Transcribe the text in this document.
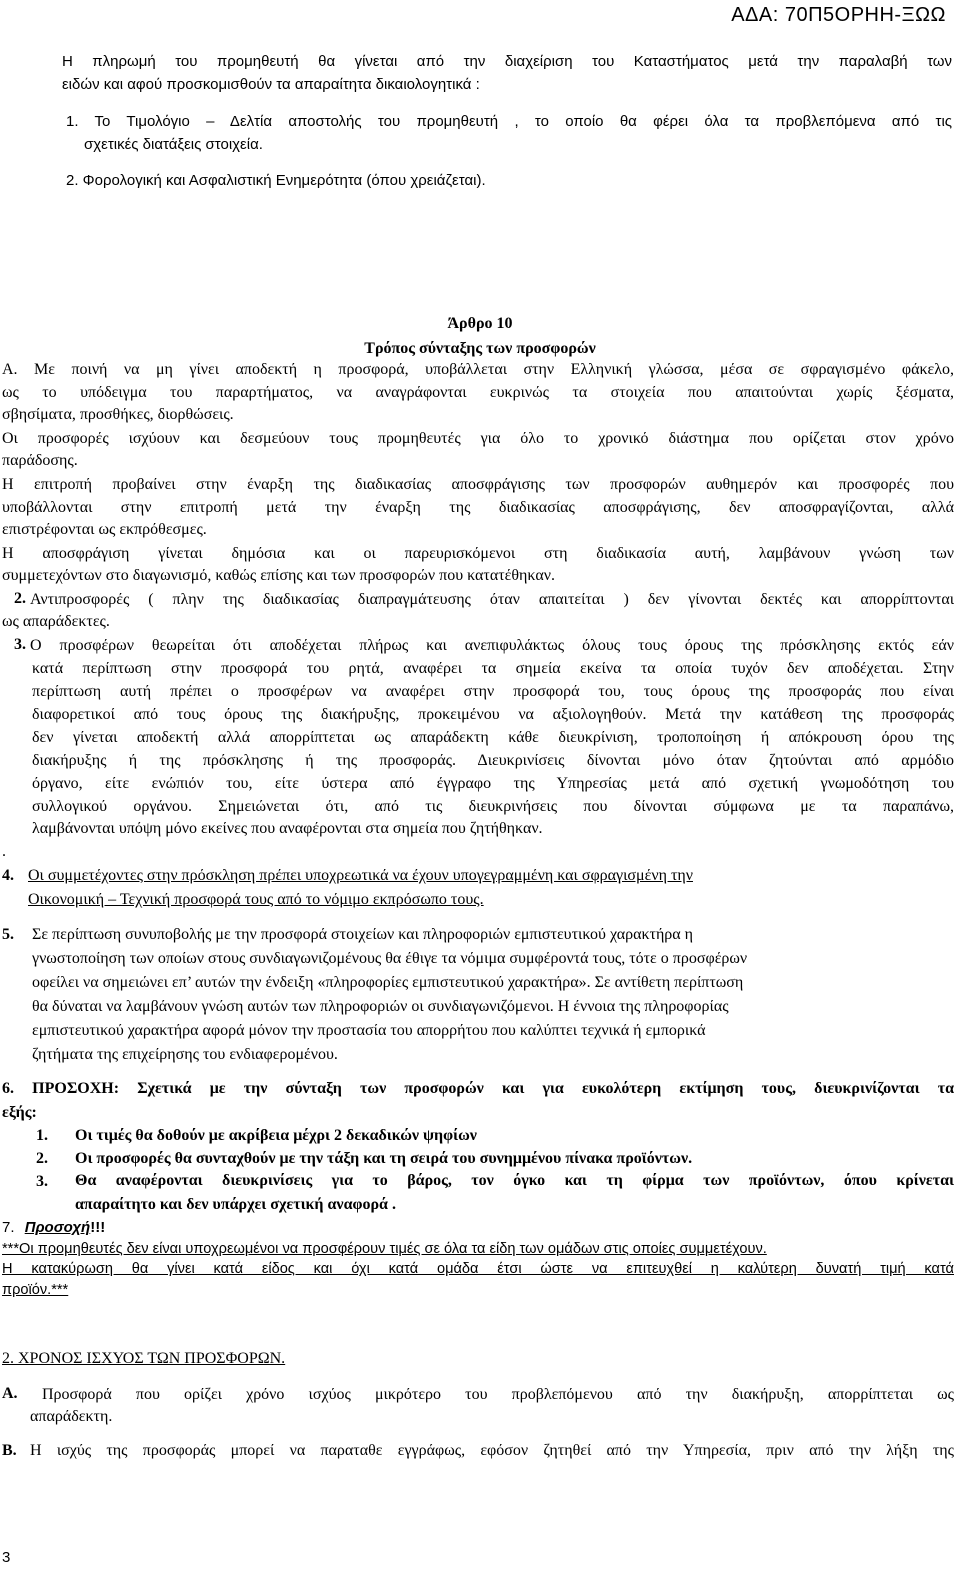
ΑΔΑ: 70Π5ΟΡΗΗ-ΞΩΩ
Η πληρωμή του προμηθευτή θα γίνεται από την διαχείριση του Καταστήματος μετά την παραλαβή των
ειδών και αφού προσκομισθούν τα απαραίτητα δικαιολογητικά :
1. Το Τιμολόγιο – Δελτία αποστολής του προμηθευτή , το οποίο θα φέρει όλα τα προβλεπόμενα από τις
σχετικές διατάξεις στοιχεία.
2. Φορολογική και Ασφαλιστική Ενημερότητα (όπου χρειάζεται).
Άρθρο 10
Τρόπος σύνταξης των προσφορών
Α. Με ποινή να μη γίνει αποδεκτή η προσφορά, υποβάλλεται στην Ελληνική γλώσσα, μέσα σε σφραγισμένο φάκελο,
ως το υπόδειγμα του παραρτήματος, να αναγράφονται ευκρινώς τα στοιχεία που απαιτούνται χωρίς ξέσματα,
σβησίματα, προσθήκες, διορθώσεις.
Οι προσφορές ισχύουν και δεσμεύουν τους προμηθευτές για όλο το χρονικό διάστημα που ορίζεται στον χρόνο
παράδοσης.
Η επιτροπή προβαίνει στην έναρξη της διαδικασίας αποσφράγισης των προσφορών αυθημερόν και προσφορές που
υποβάλλονται στην επιτροπή μετά την έναρξη της διαδικασίας αποσφράγισης, δεν αποσφραγίζονται, αλλά
επιστρέφονται ως εκπρόθεσμες.
Η αποσφράγιση γίνεται δημόσια και οι παρευρισκόμενοι στη διαδικασία αυτή, λαμβάνουν γνώση των
συμμετεχόντων στο διαγωνισμό, καθώς επίσης και των προσφορών που κατατέθηκαν.
2. Αντιπροσφορές ( πλην της διαδικασίας διαπραγμάτευσης όταν απαιτείται ) δεν γίνονται δεκτές και απορρίπτονται
ως απαράδεκτες.
3. Ο προσφέρων θεωρείται ότι αποδέχεται πλήρως και ανεπιφυλάκτως όλους τους όρους της πρόσκλησης εκτός εάν
κατά περίπτωση στην προσφορά του ρητά, αναφέρει τα σημεία εκείνα τα οποία τυχόν δεν αποδέχεται. Στην
περίπτωση αυτή πρέπει ο προσφέρων να αναφέρει στην προσφορά του, τους όρους της προσφοράς που είναι
διαφορετικοί από τους όρους της διακήρυξης, προκειμένου να αξιολογηθούν. Μετά την κατάθεση της προσφοράς
δεν γίνεται αποδεκτή αλλά απορρίπτεται ως απαράδεκτη κάθε διευκρίνιση, τροποποίηση ή απόκρουση όρου της
διακήρυξης ή της πρόσκλησης ή της προσφοράς. Διευκρινίσεις δίνονται μόνο όταν ζητούνται από αρμόδιο
όργανο, είτε ενώπιόν του, είτε ύστερα από έγγραφο της Υπηρεσίας μετά από σχετική γνωμοδότηση του
συλλογικού οργάνου. Σημειώνεται ότι, από τις διευκρινήσεις που δίνονται σύμφωνα με τα παραπάνω,
λαμβάνονται υπόψη μόνο εκείνες που αναφέρονται στα σημεία που ζητήθηκαν.
.
4. Οι συμμετέχοντες στην πρόσκληση πρέπει υποχρεωτικά να έχουν υπογεγραμμένη και σφραγισμένη την
Οικονομική – Τεχνική προσφορά τους από το νόμιμο εκπρόσωπο τους.
5. Σε περίπτωση συνυποβολής με την προσφορά στοιχείων και πληροφοριών εμπιστευτικού χαρακτήρα η
γνωστοποίηση των οποίων στους συνδιαγωνιζομένους θα έθιγε τα νόμιμα συμφέροντά τους, τότε ο προσφέρων
οφείλει να σημειώνει επ’ αυτών την ένδειξη «πληροφορίες εμπιστευτικού χαρακτήρα». Σε αντίθετη περίπτωση
θα δύναται να λαμβάνουν γνώση αυτών των πληροφοριών οι συνδιαγωνιζόμενοι. Η έννοια της πληροφορίας
εμπιστευτικού χαρακτήρα αφορά μόνον την προστασία του απορρήτου που καλύπτει τεχνικά ή εμπορικά
ζητήματα της επιχείρησης του ενδιαφερομένου.
6. ΠΡΟΣΟΧΗ: Σχετικά με την σύνταξη των προσφορών και για ευκολότερη εκτίμηση τους, διευκρινίζονται τα
εξής:
1. Οι τιμές θα δοθούν με ακρίβεια μέχρι 2 δεκαδικών ψηφίων
2. Οι προσφορές θα συνταχθούν με την τάξη και τη σειρά του συνημμένου πίνακα προϊόντων.
3. Θα αναφέρονται διευκρινίσεις για το βάρος, τον όγκο και τη φίρμα των προϊόντων, όπου κρίνεται
απαραίτητο και δεν υπάρχει σχετική αναφορά .
7. Προσοχή!!!
***Οι προμηθευτές δεν είναι υποχρεωμένοι να προσφέρουν τιμές σε όλα τα είδη των ομάδων στις οποίες συμμετέχουν.
Η κατακύρωση θα γίνει κατά είδος και όχι κατά ομάδα έτσι ώστε να επιτευχθεί η καλύτερη δυνατή τιμή κατά
προϊόν.***
2. ΧΡΟΝΟΣ ΙΣΧΥΟΣ ΤΩΝ ΠΡΟΣΦΟΡΩΝ.
Α. Προσφορά που ορίζει χρόνο ισχύος μικρότερο του προβλεπόμενου από την διακήρυξη, απορρίπτεται ως
απαράδεκτη.
Β. Η ισχύς της προσφοράς μπορεί να παραταθε εγγράφως, εφόσον ζητηθεί από την Υπηρεσία, πριν από την λήξη της
3
